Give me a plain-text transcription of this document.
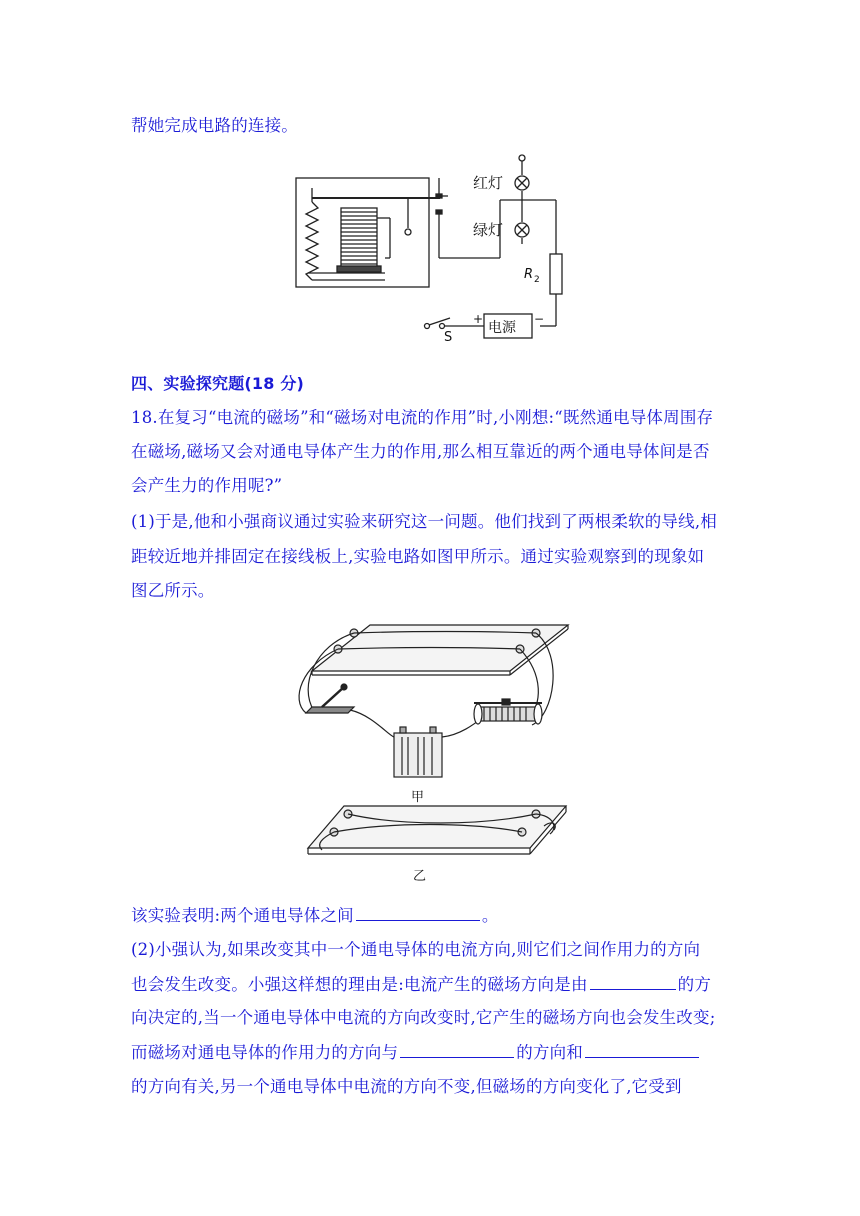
帮她完成电路的连接。
红灯
绿灯
R 2
S
电源
+	−
四、实验探究题(18 分)
18.在复习“电流的磁场”和“磁场对电流的作用”时,小刚想:“既然通电导体周围存
在磁场,磁场又会对通电导体产生力的作用,那么相互靠近的两个通电导体间是否
会产生力的作用呢?”
(1)于是,他和小强商议通过实验来研究这一问题。他们找到了两根柔软的导线,相
距较近地并排固定在接线板上,实验电路如图甲所示。通过实验观察到的现象如
图乙所示。
甲
乙
该实验表明:两个通电导体之间	。
(2)小强认为,如果改变其中一个通电导体的电流方向,则它们之间作用力的方向
也会发生改变。小强这样想的理由是:电流产生的磁场方向是由	的方
向决定的,当一个通电导体中电流的方向改变时,它产生的磁场方向也会发生改变;
而磁场对通电导体的作用力的方向与	的方向和
的方向有关,另一个通电导体中电流的方向不变,但磁场的方向变化了,它受到
